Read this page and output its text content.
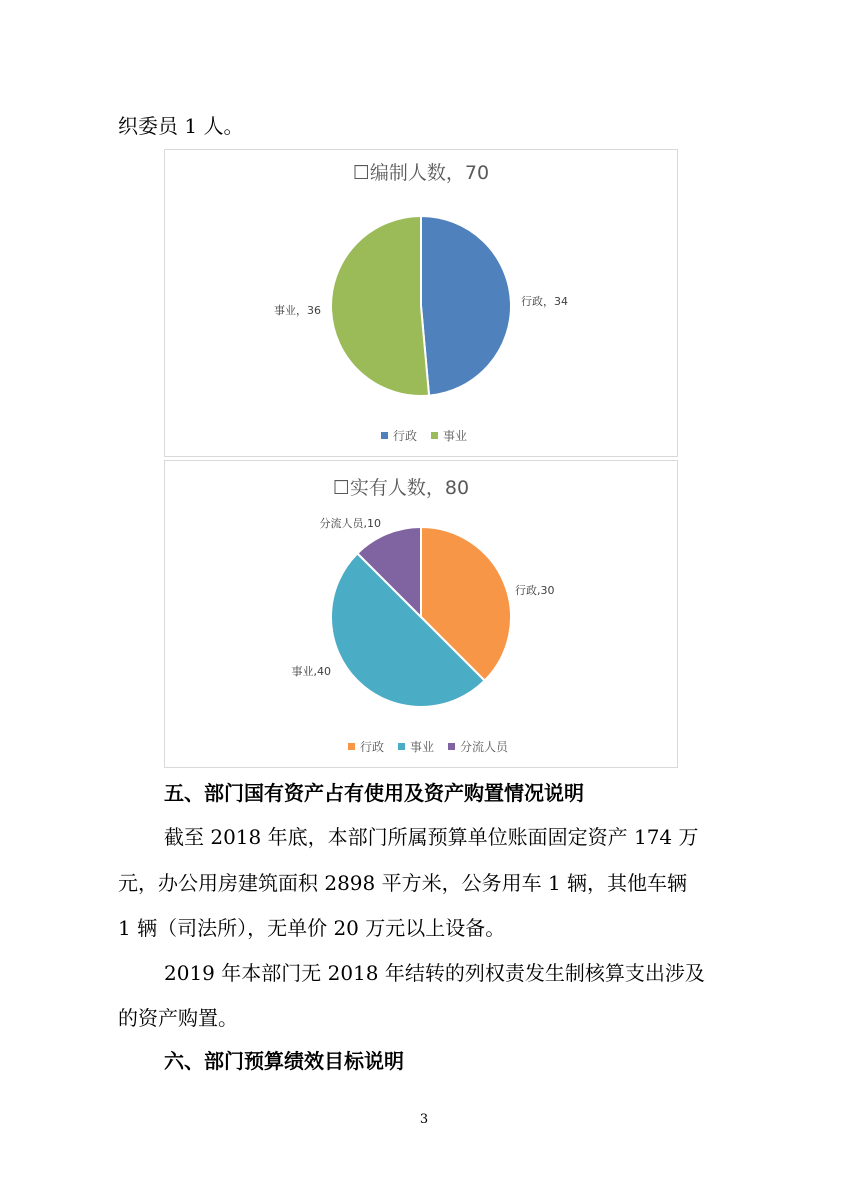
织委员 1 人。
☐编制人数，70
行政，34
事业，36
行政 事业
☐实有人数，80
行政,30
事业,40
分流人员,10
行政 事业 分流人员
五、部门国有资产占有使用及资产购置情况说明
截至 2018 年底，本部门所属预算单位账面固定资产 174 万
元，办公用房建筑面积 2898 平方米，公务用车 1 辆，其他车辆
1 辆（司法所），无单价 20 万元以上设备。
2019 年本部门无 2018 年结转的列权责发生制核算支出涉及
的资产购置。
六、部门预算绩效目标说明
3
